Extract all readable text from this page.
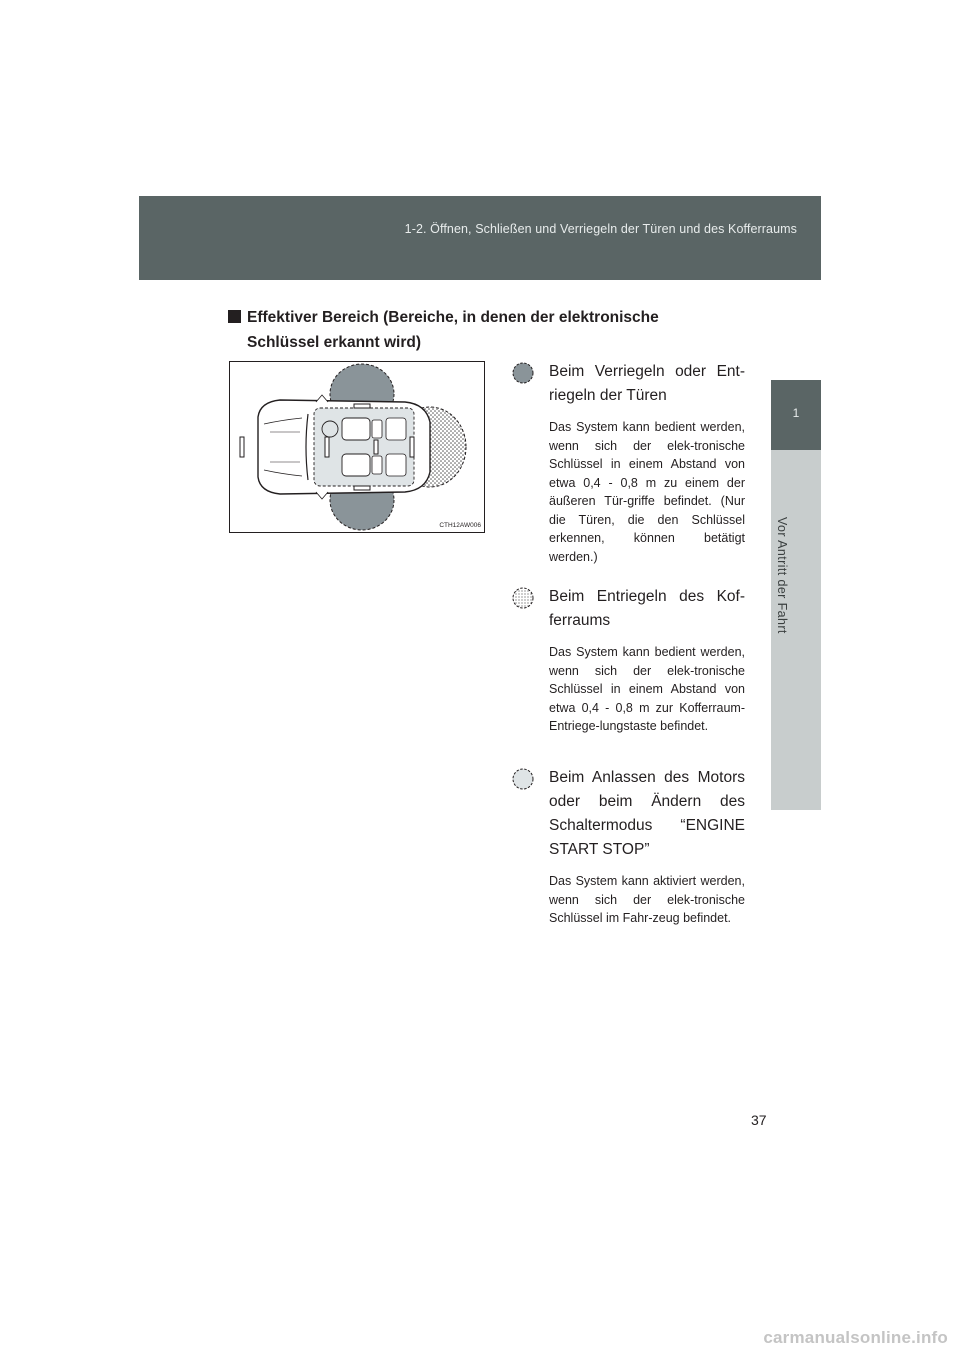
1-2. Öffnen, Schließen und Verriegeln der Türen und des Kofferraums
1
Vor Antritt der Fahrt
Effektiver Bereich (Bereiche, in denen der elektronische
Schlüssel erkannt wird)
CTH12AW006
Beim Verriegeln oder Ent-riegeln der Türen
Das System kann bedient werden, wenn sich der elek-tronische Schlüssel in einem Abstand von etwa 0,4 - 0,8 m zu einem der äußeren Tür-griffe befindet. (Nur die Türen, die den Schlüssel erkennen, können betätigt werden.)
Beim Entriegeln des Kof-ferraums
Das System kann bedient werden, wenn sich der elek-tronische Schlüssel in einem Abstand von etwa 0,4 - 0,8 m zur Kofferraum-Entriege-lungstaste befindet.
Beim Anlassen des Motors oder beim Ändern des Schaltermodus “ENGINE START STOP”
Das System kann aktiviert werden, wenn sich der elek-tronische Schlüssel im Fahr-zeug befindet.
37
carmanualsonline.info
